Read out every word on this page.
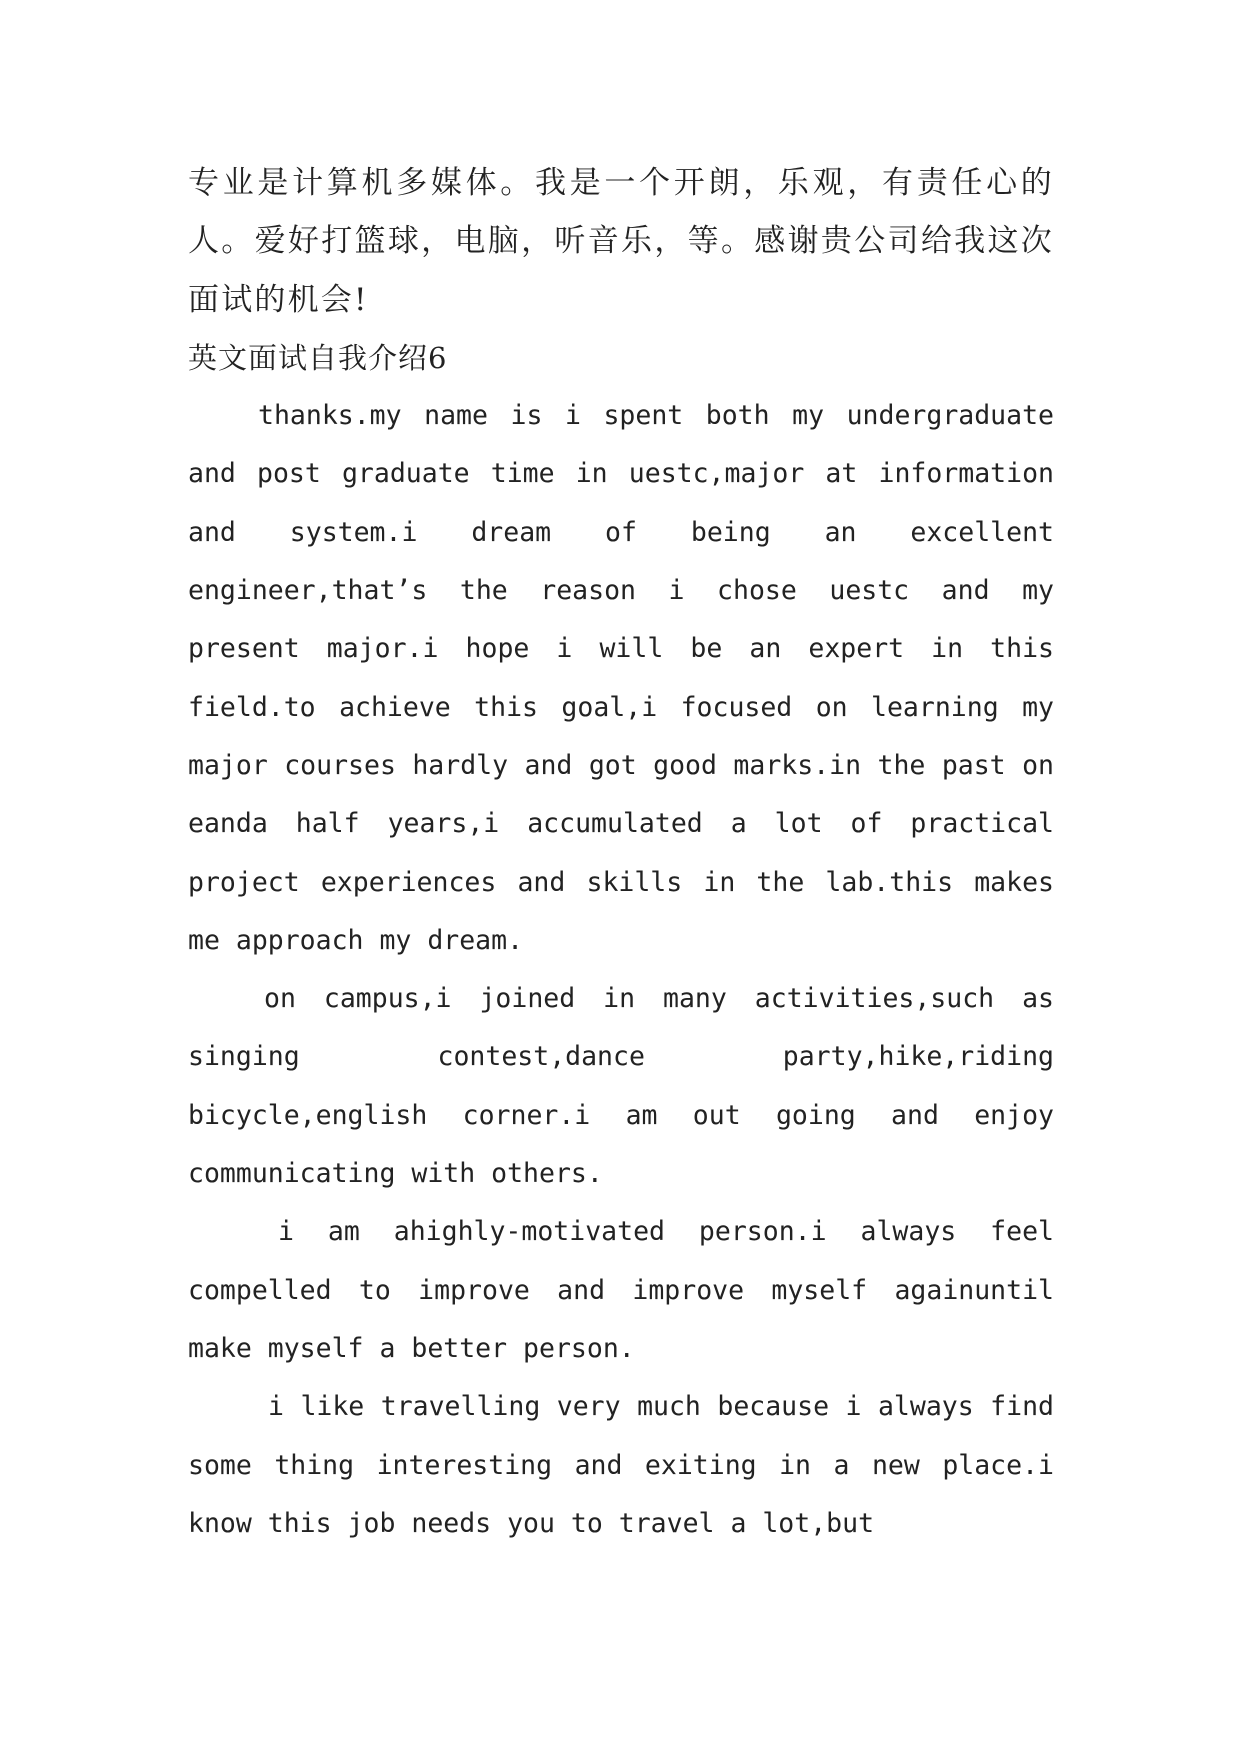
专业是计算机多媒体。我是一个开朗，乐观，有责任心的人。爱好打篮球，电脑，听音乐，等。感谢贵公司给我这次面试的机会!

英文面试自我介绍6

thanks.my name is i spent both my undergraduate and post graduate time in uestc,major at information and system.i dream of being an excellent engineer,that’s the reason i chose uestc and my present major.i hope i will be an expert in this field.to achieve this goal,i focused on learning my major courses hardly and got good marks.in the past on eanda half years,i accumulated a lot of practical project experiences and skills in the lab.this makes me approach my dream.

on campus,i joined in many activities,such as singing contest,dance party,hike,riding bicycle,english corner.i am out going and enjoy communicating with others.

i am ahighly-motivated person.i always feel compelled to improve and improve myself againuntil make myself a better person.

i like travelling very much because i always find some thing interesting and exiting in a new place.i know this job needs you to travel a lot,but
